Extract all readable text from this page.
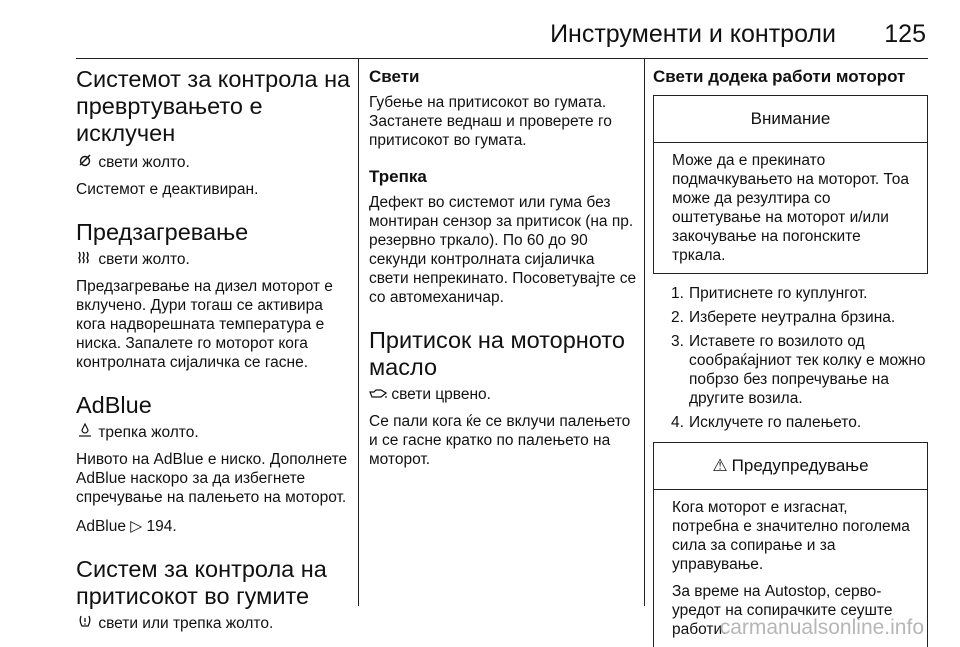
Инструменти и контроли 125
Системот за контрола на превртувањето е исклучен

свети жолто.

Системот е деактивиран.

Предзагревање

свети жолто.

Предзагревање на дизел моторот е вклучено. Дури тогаш се активира кога надворешната температура е ниска. Запалете го моторот кога контролната сијаличка се гасне.

AdBlue

трепка жолто.

Нивото на AdBlue е ниско. Дополнете AdBlue наскоро за да избегнете спречување на палењето на моторот.

AdBlue ▷ 194.

Систем за контрола на притисокот во гумите

свети или трепка жолто.

Свети

Губење на притисокот во гумата. Застанете веднаш и проверете го притисокот во гумата.

Трепка

Дефект во системот или гума без монтиран сензор за притисок (на пр. резервно тркало). По 60 до 90 секунди контролната сијаличка свети непрекинато. Посоветувајте се со автомеханичар.

Притисок на моторното масло

свети црвено.

Се пали кога ќе се вклучи палењето и се гасне кратко по палењето на моторот.

Свети додека работи моторот
Внимание

Може да е прекинато подмачкувањето на моторот. Тоа може да резултира со оштетување на моторот и/или закочување на погонските тркала.

1. Притиснете го куплунгот.
2. Изберете неутрална брзина.
3. Иставете го возилото од сообраќајниот тек колку е можно побрзо без попречување на другите возила.
4. Исклучете го палењето.
⚠ Предупредување

Кога моторот е изгаснат, потребна е значително поголема сила за сопирање и за управување.

За време на Autostop, серво-уредот на сопирачките сеуште работи.

carmanualsonline.info
